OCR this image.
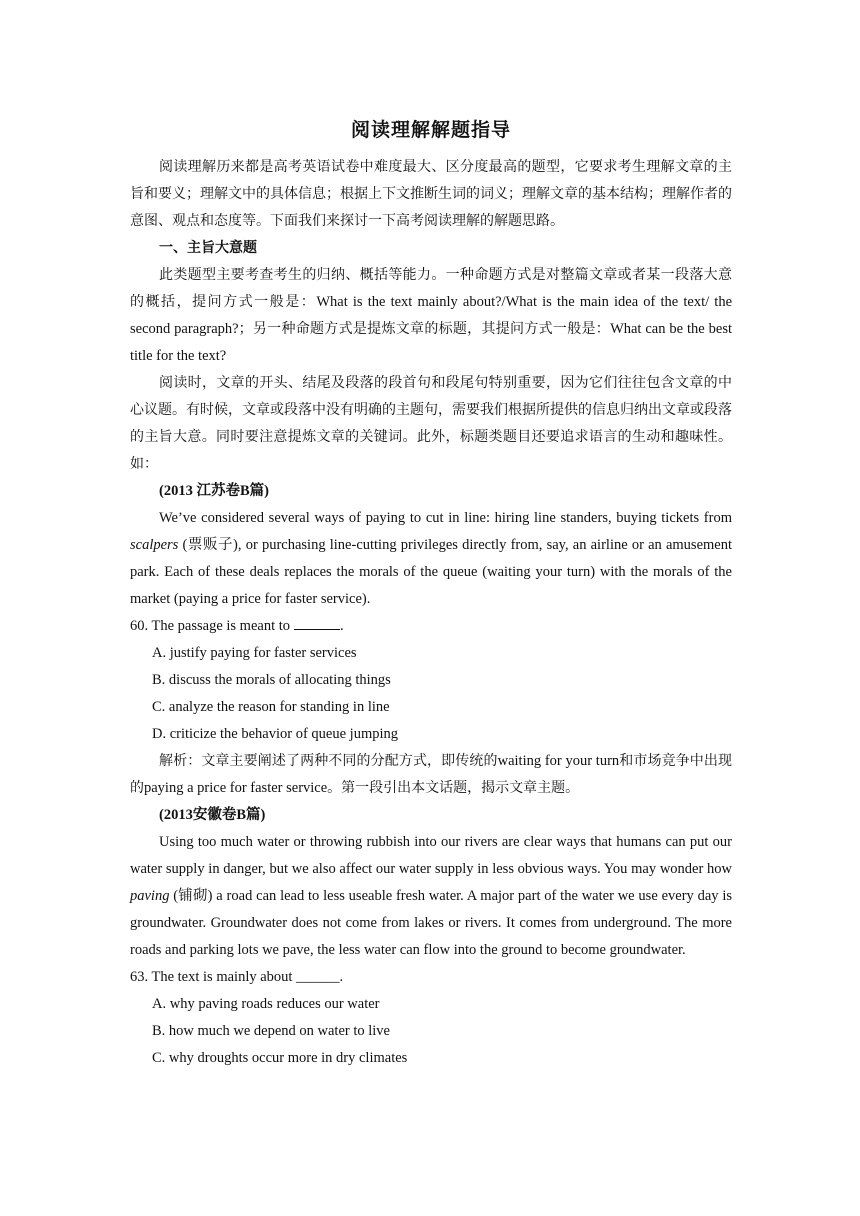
阅读理解解题指导

阅读理解历来都是高考英语试卷中难度最大、区分度最高的题型，它要求考生理解文章的主旨和要义；理解文中的具体信息；根据上下文推断生词的词义；理解文章的基本结构；理解作者的意图、观点和态度等。下面我们来探讨一下高考阅读理解的解题思路。

一、主旨大意题

此类题型主要考查考生的归纳、概括等能力。一种命题方式是对整篇文章或者某一段落大意的概括，提问方式一般是：What is the text mainly about?/What is the main idea of the text/ the second paragraph?；另一种命题方式是提炼文章的标题，其提问方式一般是：What can be the best title for the text?

阅读时，文章的开头、结尾及段落的段首句和段尾句特别重要，因为它们往往包含文章的中心议题。有时候，文章或段落中没有明确的主题句，需要我们根据所提供的信息归纳出文章或段落的主旨大意。同时要注意提炼文章的关键词。此外，标题类题目还要追求语言的生动和趣味性。如：

(2013 江苏卷B篇)

We’ve considered several ways of paying to cut in line: hiring line standers, buying tickets from scalpers (票贩子), or purchasing line-cutting privileges directly from, say, an airline or an amusement park. Each of these deals replaces the morals of the queue (waiting your turn) with the morals of the market (paying a price for faster service).

60. The passage is meant to	.

A. justify paying for faster services

B. discuss the morals of allocating things

C. analyze the reason for standing in line

D. criticize the behavior of queue jumping

解析：文章主要阐述了两种不同的分配方式，即传统的waiting for your turn和市场竞争中出现的paying a price for faster service。第一段引出本文话题，揭示文章主题。

(2013安徽卷B篇)

Using too much water or throwing rubbish into our rivers are clear ways that humans can put our water supply in danger, but we also affect our water supply in less obvious ways. You may wonder how paving (铺砌) a road can lead to less useable fresh water. A major part of the water we use every day is groundwater. Groundwater does not come from lakes or rivers. It comes from underground. The more roads and parking lots we pave, the less water can flow into the ground to become groundwater.

63. The text is mainly about ______.

A. why paving roads reduces our water

B. how much we depend on water to live

C. why droughts occur more in dry climates
